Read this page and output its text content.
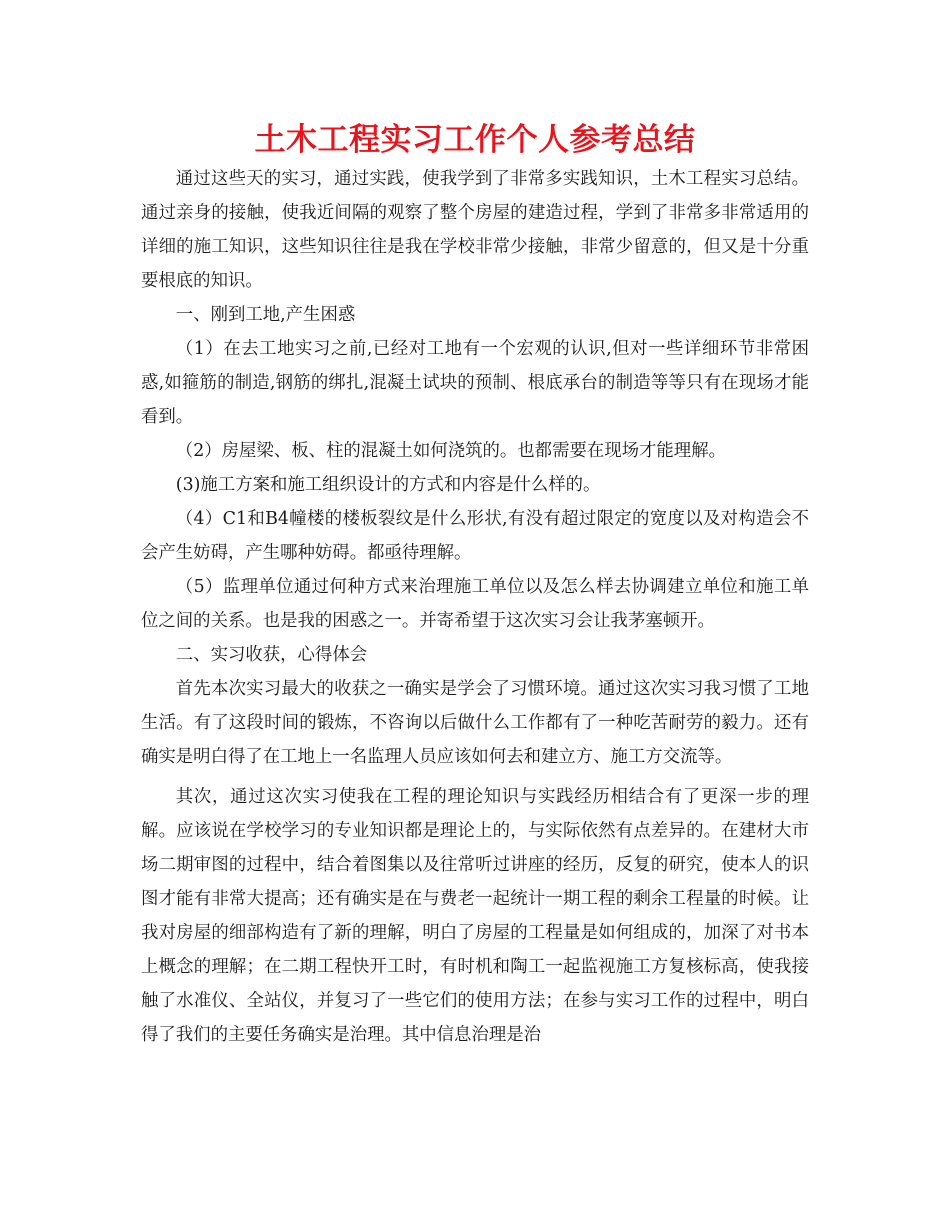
土木工程实习工作个人参考总结

通过这些天的实习，通过实践，使我学到了非常多实践知识，土木工程实习总结。通过亲身的接触，使我近间隔的观察了整个房屋的建造过程，学到了非常多非常适用的详细的施工知识，这些知识往往是我在学校非常少接触，非常少留意的，但又是十分重要根底的知识。

一、刚到工地,产生困惑

（1）在去工地实习之前,已经对工地有一个宏观的认识,但对一些详细环节非常困惑,如箍筋的制造,钢筋的绑扎,混凝土试块的预制、根底承台的制造等等只有在现场才能看到。

（2）房屋梁、板、柱的混凝土如何浇筑的。也都需要在现场才能理解。

(3)施工方案和施工组织设计的方式和内容是什么样的。

（4）C1和B4幢楼的楼板裂纹是什么形状,有没有超过限定的宽度以及对构造会不会产生妨碍，产生哪种妨碍。都亟待理解。

（5）监理单位通过何种方式来治理施工单位以及怎么样去协调建立单位和施工单位之间的关系。也是我的困惑之一。并寄希望于这次实习会让我茅塞顿开。

二、实习收获，心得体会

首先本次实习最大的收获之一确实是学会了习惯环境。通过这次实习我习惯了工地生活。有了这段时间的锻炼，不咨询以后做什么工作都有了一种吃苦耐劳的毅力。还有确实是明白得了在工地上一名监理人员应该如何去和建立方、施工方交流等。

其次，通过这次实习使我在工程的理论知识与实践经历相结合有了更深一步的理解。应该说在学校学习的专业知识都是理论上的，与实际依然有点差异的。在建材大市场二期审图的过程中，结合着图集以及往常听过讲座的经历，反复的研究，使本人的识图才能有非常大提高；还有确实是在与费老一起统计一期工程的剩余工程量的时候。让我对房屋的细部构造有了新的理解，明白了房屋的工程量是如何组成的，加深了对书本上概念的理解；在二期工程快开工时，有时机和陶工一起监视施工方复核标高，使我接触了水准仪、全站仪，并复习了一些它们的使用方法；在参与实习工作的过程中，明白得了我们的主要任务确实是治理。其中信息治理是治
